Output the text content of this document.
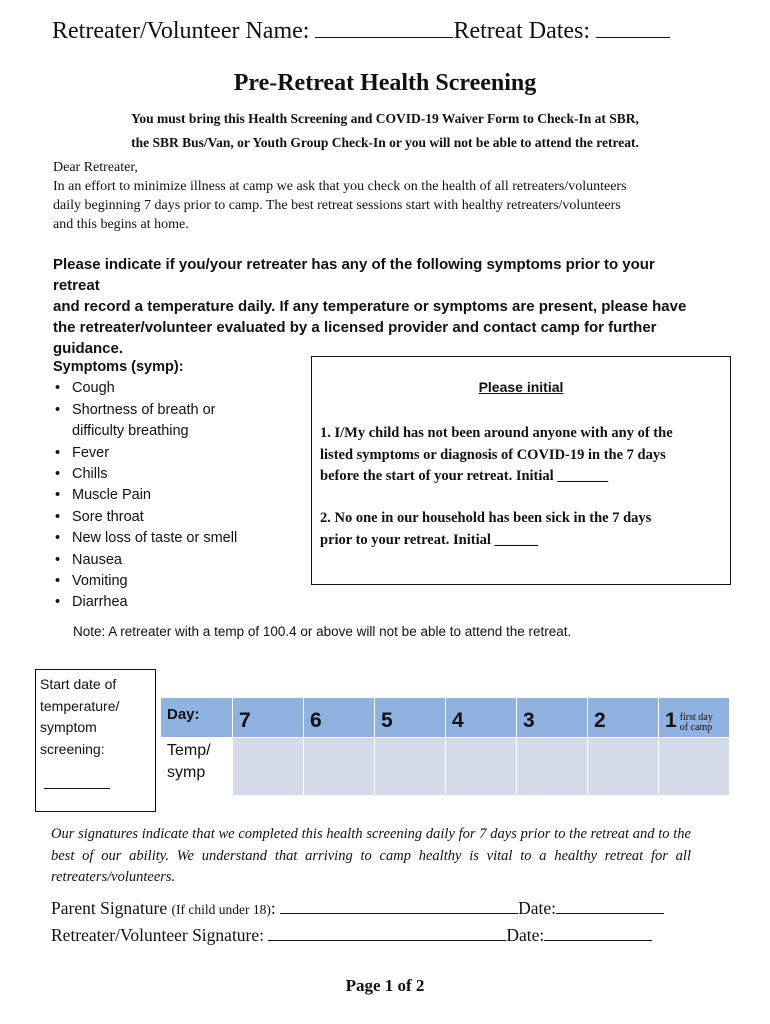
Retreater/Volunteer Name:	Retreat Dates:
Pre-Retreat Health Screening
You must bring this Health Screening and COVID-19 Waiver Form to Check-In at SBR,
the SBR Bus/Van, or Youth Group Check-In or you will not be able to attend the retreat.
Dear Retreater,
In an effort to minimize illness at camp we ask that you check on the health of all retreaters/volunteers
daily beginning 7 days prior to camp. The best retreat sessions start with healthy retreaters/volunteers
and this begins at home.
Please indicate if you/your retreater has any of the following symptoms prior to your retreat
and record a temperature daily. If any temperature or symptoms are present, please have
the retreater/volunteer evaluated by a licensed provider and contact camp for further
guidance.
Symptoms (symp):
• Cough
• Shortness of breath or
difficulty breathing
• Fever
• Chills
• Muscle Pain
• Sore throat
• New loss of taste or smell
• Nausea
• Vomiting
• Diarrhea
Please initial
1. I/My child has not been around anyone with any of the
listed symptoms or diagnosis of COVID-19 in the 7 days
before the start of your retreat. Initial _______
2. No one in our household has been sick in the 7 days
prior to your retreat. Initial ______
Note: A retreater with a temp of 100.4 or above will not be able to attend the retreat.
Start date of
temperature/
symptom
screening:
Day:	7	6	5	4	3	2	1 first day
of camp

Temp/
symp							

Our signatures indicate that we completed this health screening daily for 7 days prior to the retreat and to the best of our ability. We understand that arriving to camp healthy is vital to a healthy retreat for all retreaters/volunteers.
Parent Signature (If child under 18):	Date:
Retreater/Volunteer Signature:	Date:
Page 1 of 2
